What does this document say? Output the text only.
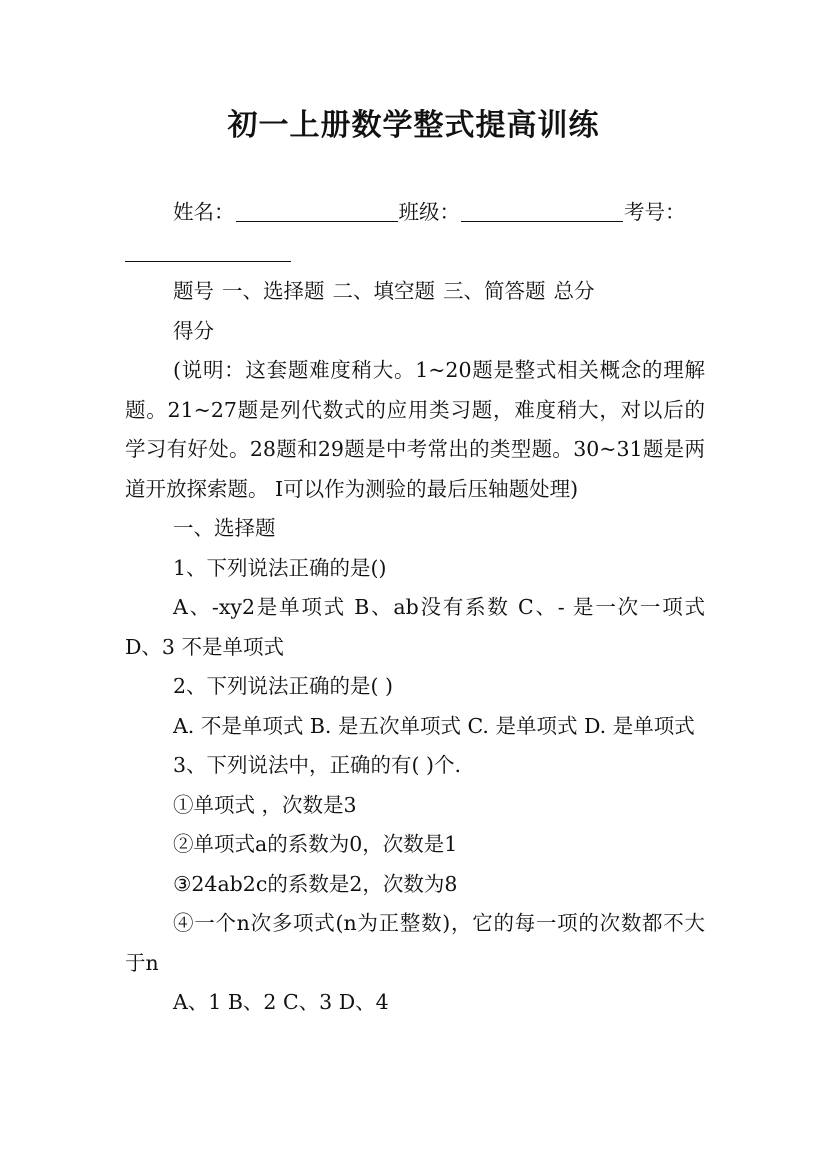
初一上册数学整式提高训练
姓名：	班级：	考号：
题号 一、选择题 二、填空题 三、简答题 总分
得分
(说明：这套题难度稍大。1~20题是整式相关概念的理解题。21~27题是列代数式的应用类习题，难度稍大，对以后的学习有好处。28题和29题是中考常出的类型题。30~31题是两道开放探索题。 I可以作为测验的最后压轴题处理)
一、选择题
1、下列说法正确的是()
A、-xy2是单项式 B、ab没有系数 C、- 是一次一项式 D、3 不是单项式
2、下列说法正确的是( )
A. 不是单项式 B. 是五次单项式 C. 是单项式 D. 是单项式
3、下列说法中，正确的有( )个.
①单项式 ，次数是3
②单项式a的系数为0，次数是1
③24ab2c的系数是2，次数为8
④一个n次多项式(n为正整数)，它的每一项的次数都不大于n
A、1 B、2 C、3 D、4
